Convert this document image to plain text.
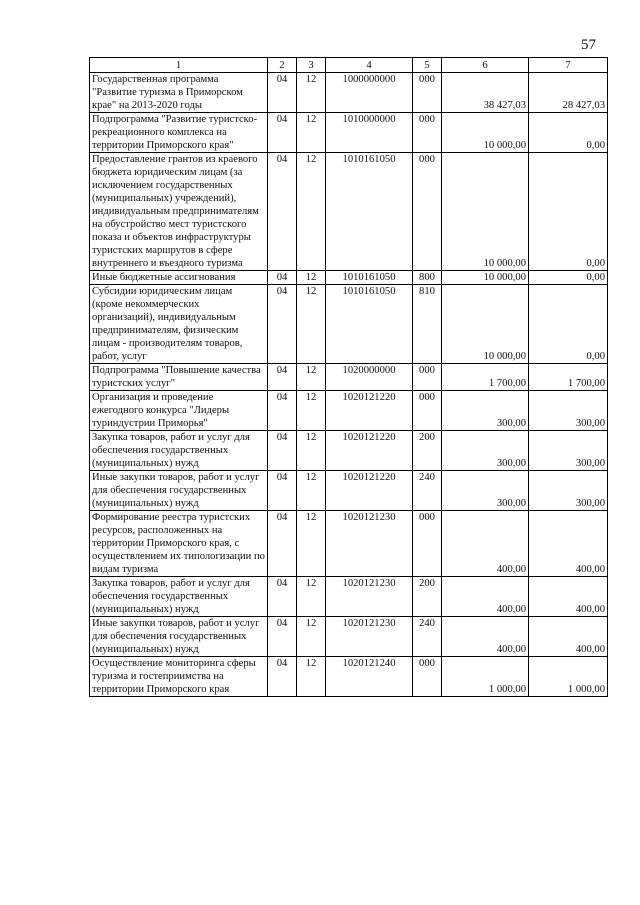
57
1	2	3	4	5	6	7
Государственная программа "Развитие туризма в Приморском крае" на 2013-2020 годы	04	12	1000000000	000	38 427,03	28 427,03
Подпрограмма "Развитие туристско-рекреационного комплекса на территории Приморского края"	04	12	1010000000	000	10 000,00	0,00
Предоставление грантов из краевого бюджета юридическим лицам (за исключением государственных (муниципальных) учреждений), индивидуальным предпринимателям на обустройство мест туристского показа и объектов инфраструктуры туристских маршрутов в сфере внутреннего и въездного туризма	04	12	1010161050	000	10 000,00	0,00
Иные бюджетные ассигнования	04	12	1010161050	800	10 000,00	0,00
Субсидии юридическим лицам (кроме некоммерческих организаций), индивидуальным предпринимателям, физическим лицам - производителям товаров, работ, услуг	04	12	1010161050	810	10 000,00	0,00
Подпрограмма "Повышение качества туристских услуг"	04	12	1020000000	000	1 700,00	1 700,00
Организация и проведение ежегодного конкурса "Лидеры туриндустрии Приморья"	04	12	1020121220	000	300,00	300,00
Закупка товаров, работ и услуг для обеспечения государственных (муниципальных) нужд	04	12	1020121220	200	300,00	300,00
Иные закупки товаров, работ и услуг для обеспечения государственных (муниципальных) нужд	04	12	1020121220	240	300,00	300,00
Формирование реестра туристских ресурсов, расположенных на территории Приморского края, с осуществлением их типологизации по видам туризма	04	12	1020121230	000	400,00	400,00
Закупка товаров, работ и услуг для обеспечения государственных (муниципальных) нужд	04	12	1020121230	200	400,00	400,00
Иные закупки товаров, работ и услуг для обеспечения государственных (муниципальных) нужд	04	12	1020121230	240	400,00	400,00
Осуществление мониторинга сферы туризма и гостеприимства на территории Приморского края	04	12	1020121240	000	1 000,00	1 000,00
